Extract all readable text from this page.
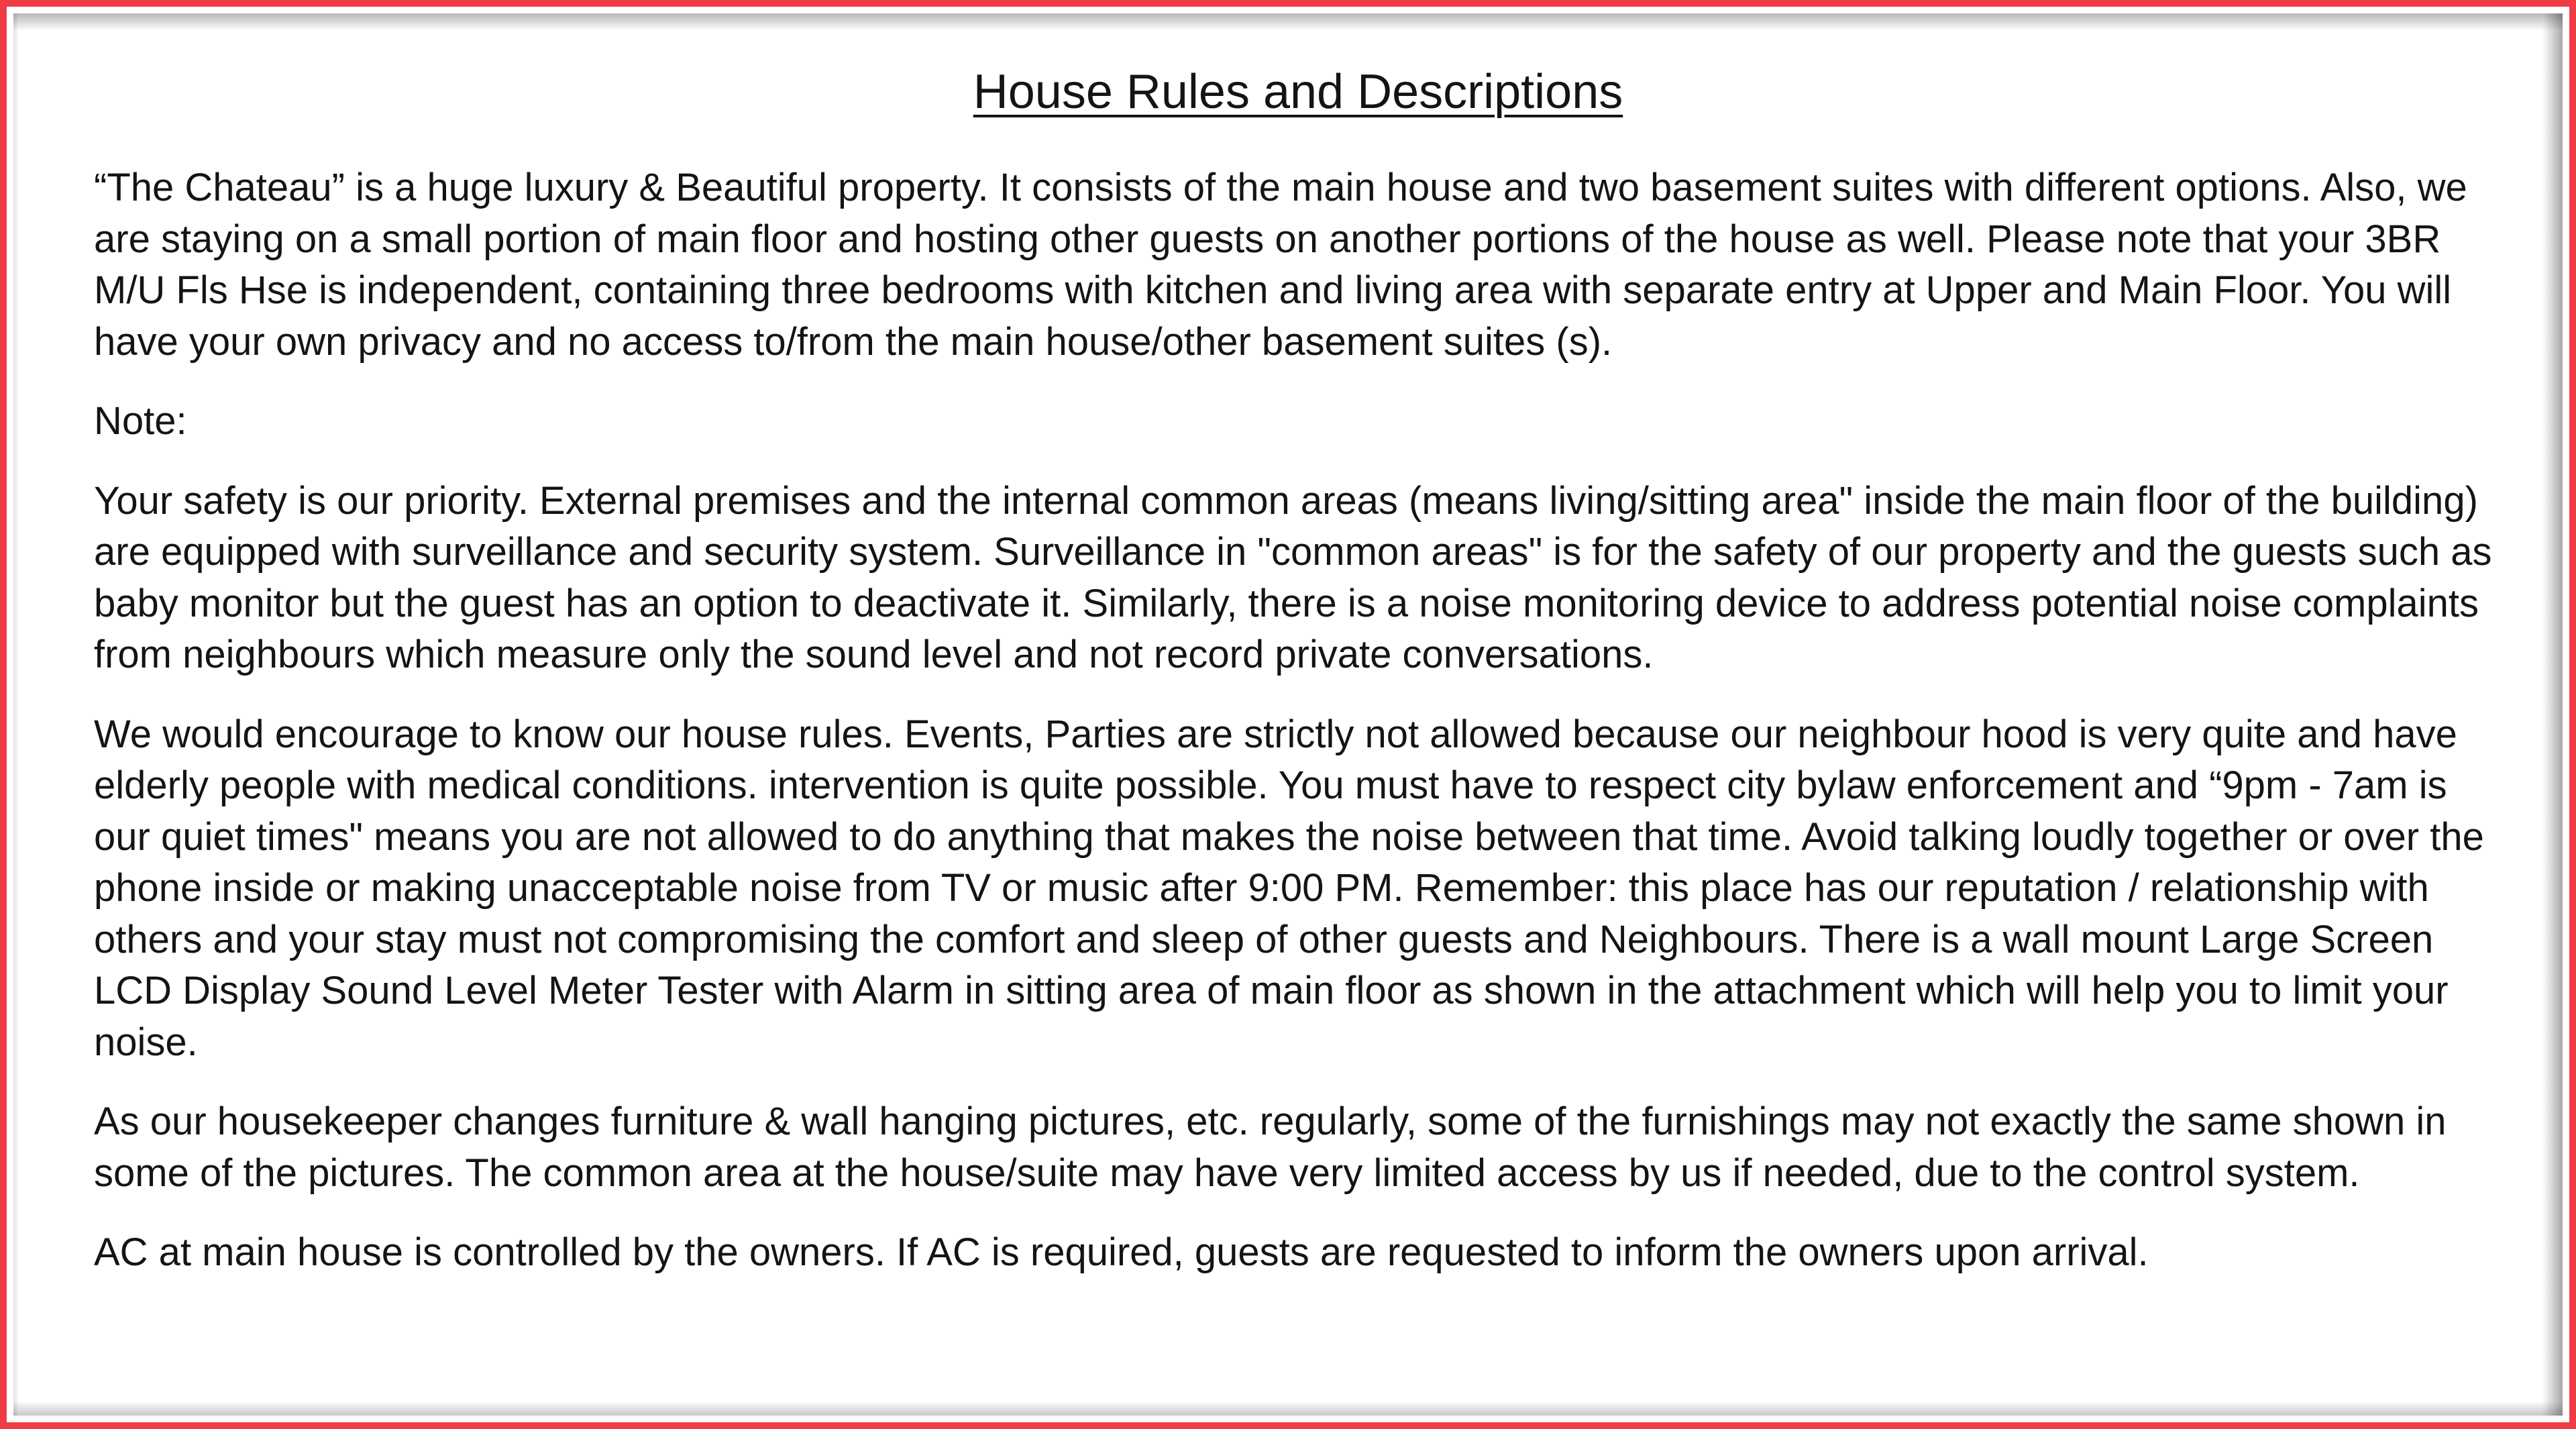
House Rules and Descriptions

“The Chateau” is a huge luxury & Beautiful property. It consists of the main house and two basement suites with different options. Also, we are staying on a small portion of main floor and hosting other guests on another portions of the house as well. Please note that your 3BR M/U Fls Hse is independent, containing three bedrooms with kitchen and living area with separate entry at Upper and Main Floor. You will have your own privacy and no access to/from the main house/other basement suites (s).

Note:

Your safety is our priority. External premises and the internal common areas (means living/sitting area" inside the main floor of the building) are equipped with surveillance and security system. Surveillance in "common areas" is for the safety of our property and the guests such as baby monitor but the guest has an option to deactivate it. Similarly, there is a noise monitoring device to address potential noise complaints from neighbours which measure only the sound level and not record private conversations.

We would encourage to know our house rules. Events, Parties are strictly not allowed because our neighbour hood is very quite and have elderly people with medical conditions. intervention is quite possible. You must have to respect city bylaw enforcement and “9pm - 7am is our quiet times" means you are not allowed to do anything that makes the noise between that time. Avoid talking loudly together or over the phone inside or making unacceptable noise from TV or music after 9:00 PM. Remember: this place has our reputation / relationship with others and your stay must not compromising the comfort and sleep of other guests and Neighbours. There is a wall mount Large Screen LCD Display Sound Level Meter Tester with Alarm in sitting area of main floor as shown in the attachment which will help you to limit your noise.

As our housekeeper changes furniture & wall hanging pictures, etc. regularly, some of the furnishings may not exactly the same shown in some of the pictures. The common area at the house/suite may have very limited access by us if needed, due to the control system.

AC at main house is controlled by the owners. If AC is required, guests are requested to inform the owners upon arrival.
